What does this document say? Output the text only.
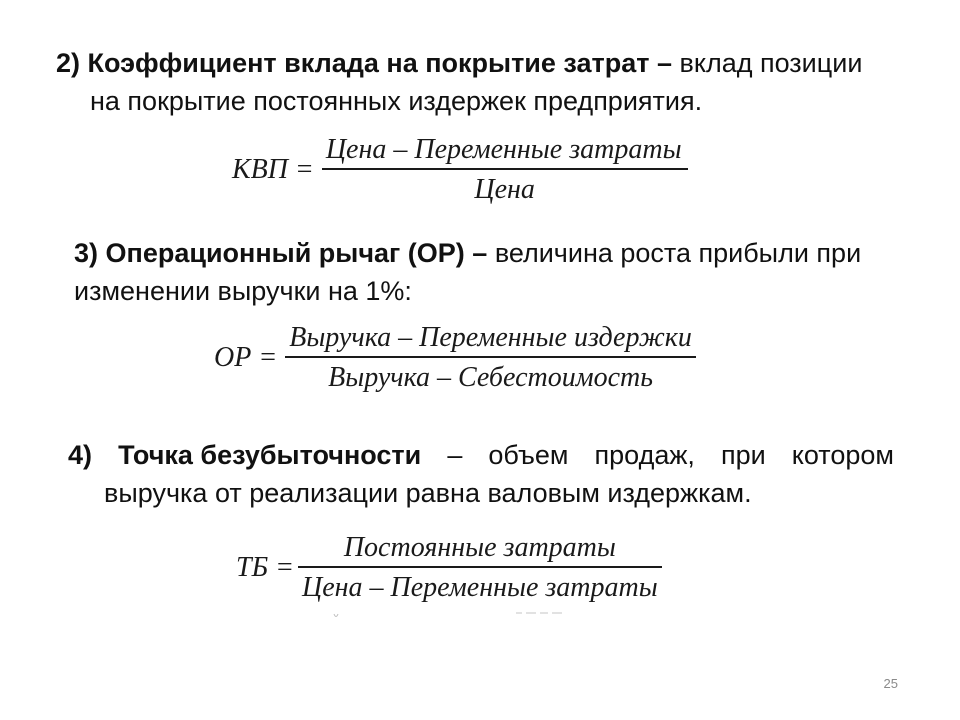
2) Коэффициент вклада на покрытие затрат – вклад позиции
на покрытие постоянных издержек предприятия.

КВП = $\frac{\text{Цена – Переменные затраты}}{\text{Цена}}$

3) Операционный рычаг (ОР) – величина роста прибыли при изменении выручки на 1%:

ОР = $\frac{\text{Выручка – Переменные издержки}}{\text{Выручка – Себестоимость}}$
4) Точка безубыточности – объем продаж, при котором
выручка от реализации равна валовым издержкам.
ТБ = $\frac{\text{Постоянные затраты}}{\text{Цена – Переменные затраты}}$
25
